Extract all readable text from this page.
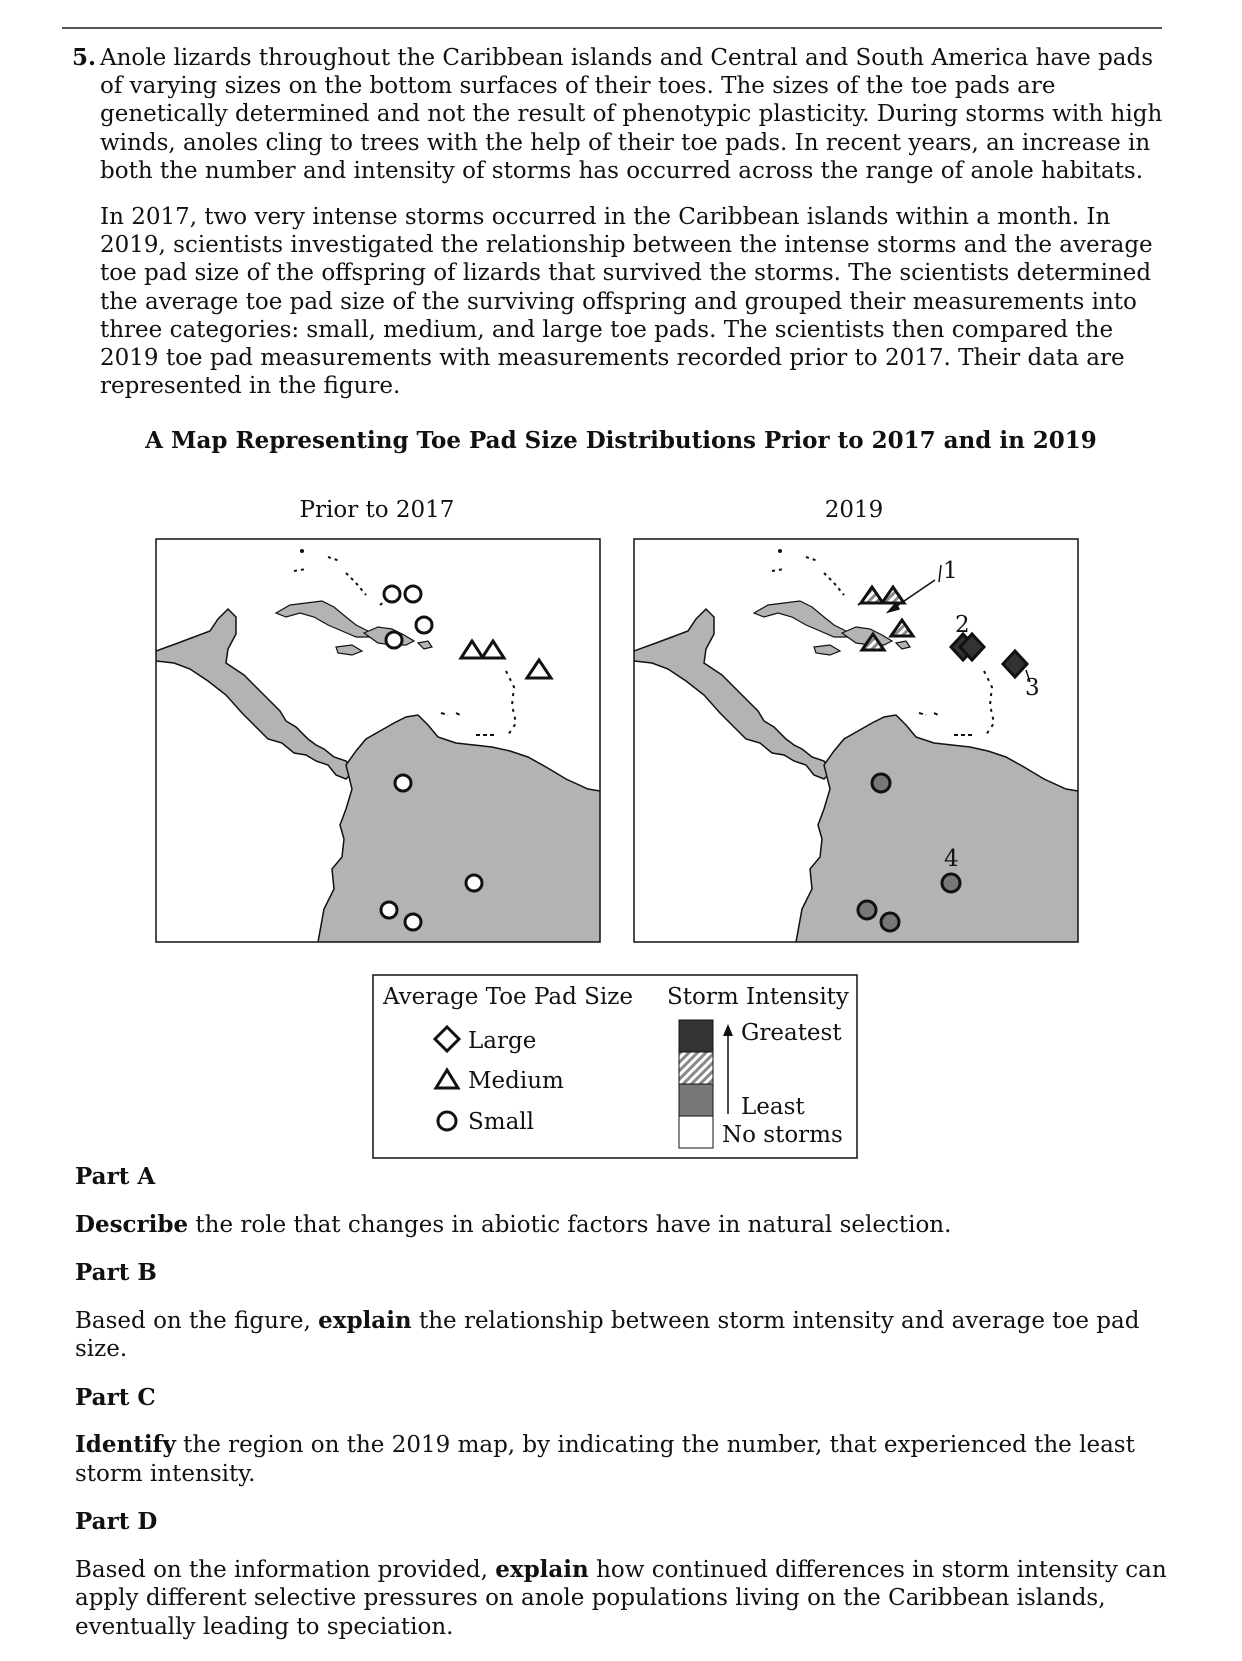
5. Anole lizards throughout the Caribbean islands and Central and South America have pads of varying sizes on the bottom surfaces of their toes. The sizes of the toe pads are genetically determined and not the result of phenotypic plasticity. During storms with high winds, anoles cling to trees with the help of their toe pads. In recent years, an increase in both the number and intensity of storms has occurred across the range of anole habitats.

In 2017, two very intense storms occurred in the Caribbean islands within a month. In 2019, scientists investigated the relationship between the intense storms and the average toe pad size of the offspring of lizards that survived the storms. The scientists determined the average toe pad size of the surviving offspring and grouped their measurements into three categories: small, medium, and large toe pads. The scientists then compared the 2019 toe pad measurements with measurements recorded prior to 2017. Their data are represented in the figure.

A Map Representing Toe Pad Size Distributions Prior to 2017 and in 2019
Prior to 2017	2019
1
2
3
4
Average Toe Pad Size
Large
Medium
Small
Storm Intensity
Greatest
Least
No storms
Part A
Describe the role that changes in abiotic factors have in natural selection.
Part B
Based on the figure, explain the relationship between storm intensity and average toe pad size.
Part C
Identify the region on the 2019 map, by indicating the number, that experienced the least storm intensity.
Part D
Based on the information provided, explain how continued differences in storm intensity can apply different selective pressures on anole populations living on the Caribbean islands, eventually leading to speciation.
